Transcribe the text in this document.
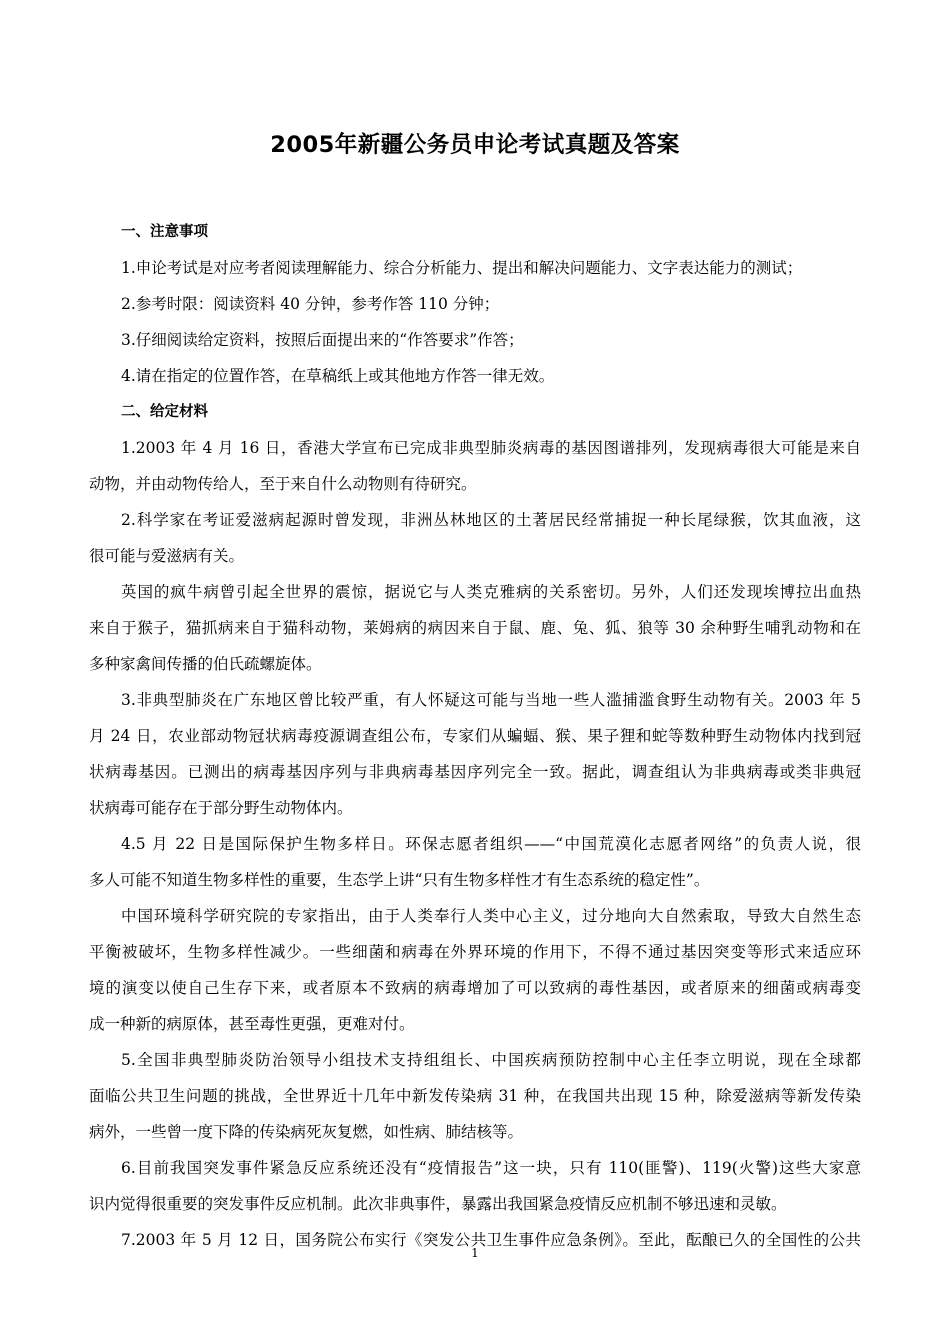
2005年新疆公务员申论考试真题及答案
一、注意事项
1.申论考试是对应考者阅读理解能力、综合分析能力、提出和解决问题能力、文字表达能力的测试；
2.参考时限：阅读资料 40 分钟，参考作答 110 分钟；
3.仔细阅读给定资料，按照后面提出来的“作答要求”作答；
4.请在指定的位置作答，在草稿纸上或其他地方作答一律无效。
二、给定材料
1.2003 年 4 月 16 日，香港大学宣布已完成非典型肺炎病毒的基因图谱排列，发现病毒很大可能是来自
动物，并由动物传给人，至于来自什么动物则有待研究。
2.科学家在考证爱滋病起源时曾发现，非洲丛林地区的土著居民经常捕捉一种长尾绿猴，饮其血液，这
很可能与爱滋病有关。
英国的疯牛病曾引起全世界的震惊，据说它与人类克雅病的关系密切。另外，人们还发现埃博拉出血热
来自于猴子，猫抓病来自于猫科动物，莱姆病的病因来自于鼠、鹿、兔、狐、狼等 30 余种野生哺乳动物和在
多种家禽间传播的伯氏疏螺旋体。
3.非典型肺炎在广东地区曾比较严重，有人怀疑这可能与当地一些人滥捕滥食野生动物有关。2003 年 5
月 24 日，农业部动物冠状病毒疫源调查组公布，专家们从蝙蝠、猴、果子狸和蛇等数种野生动物体内找到冠
状病毒基因。已测出的病毒基因序列与非典病毒基因序列完全一致。据此，调查组认为非典病毒或类非典冠
状病毒可能存在于部分野生动物体内。
4.5 月 22 日是国际保护生物多样日。环保志愿者组织——“中国荒漠化志愿者网络”的负责人说，很
多人可能不知道生物多样性的重要，生态学上讲“只有生物多样性才有生态系统的稳定性”。
中国环境科学研究院的专家指出，由于人类奉行人类中心主义，过分地向大自然索取，导致大自然生态
平衡被破坏，生物多样性减少。一些细菌和病毒在外界环境的作用下，不得不通过基因突变等形式来适应环
境的演变以使自己生存下来，或者原本不致病的病毒增加了可以致病的毒性基因，或者原来的细菌或病毒变
成一种新的病原体，甚至毒性更强，更难对付。
5.全国非典型肺炎防治领导小组技术支持组组长、中国疾病预防控制中心主任李立明说，现在全球都
面临公共卫生问题的挑战，全世界近十几年中新发传染病 31 种，在我国共出现 15 种，除爱滋病等新发传染
病外，一些曾一度下降的传染病死灰复燃，如性病、肺结核等。
6.目前我国突发事件紧急反应系统还没有“疫情报告”这一块，只有 110(匪警)、119(火警)这些大家意
识内觉得很重要的突发事件反应机制。此次非典事件，暴露出我国紧急疫情反应机制不够迅速和灵敏。
7.2003 年 5 月 12 日，国务院公布实行《突发公共卫生事件应急条例》。至此，酝酿已久的全国性的公共
1
